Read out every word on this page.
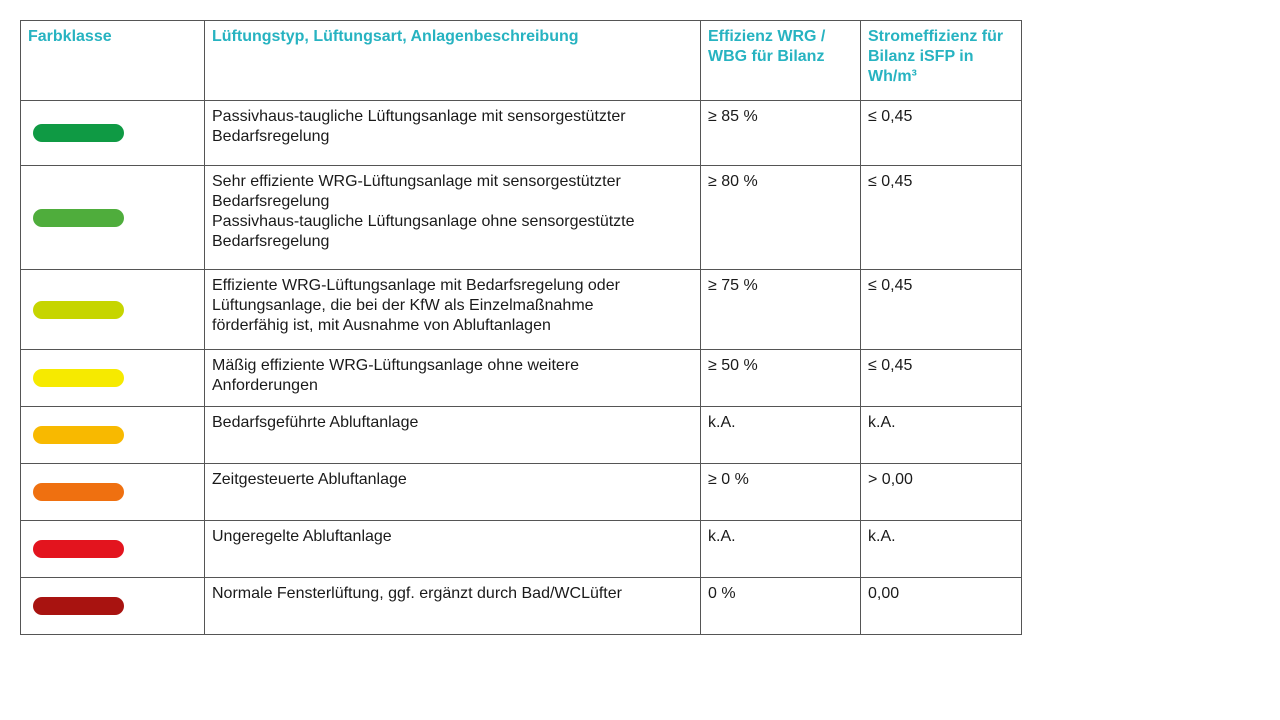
Farbklasse	Lüftungstyp, Lüftungsart, Anlagenbeschreibung	Effizienz WRG / WBG für Bilanz	Stromeffizienz für Bilanz iSFP in Wh/m³

	Passivhaus-taugliche Lüftungsanlage mit sensorgestützter
Bedarfsregelung	≥ 85 %	≤ 0,45

	Sehr effiziente WRG-Lüftungsanlage mit sensorgestützter
Bedarfsregelung
Passivhaus-taugliche Lüftungsanlage ohne sensorgestützte
Bedarfsregelung	≥ 80 %	≤ 0,45

	Effiziente WRG-Lüftungsanlage mit Bedarfsregelung oder
Lüftungsanlage, die bei der KfW als Einzelmaßnahme
förderfähig ist, mit Ausnahme von Abluftanlagen	≥ 75 %	≤ 0,45

	Mäßig effiziente WRG-Lüftungsanlage ohne weitere
Anforderungen	≥ 50 %	≤ 0,45

	Bedarfsgeführte Abluftanlage	k.A.	k.A.

	Zeitgesteuerte Abluftanlage	≥ 0 %	> 0,00

	Ungeregelte Abluftanlage	k.A.	k.A.

	Normale Fensterlüftung, ggf. ergänzt durch Bad/WCLüfter	0 %	0,00
